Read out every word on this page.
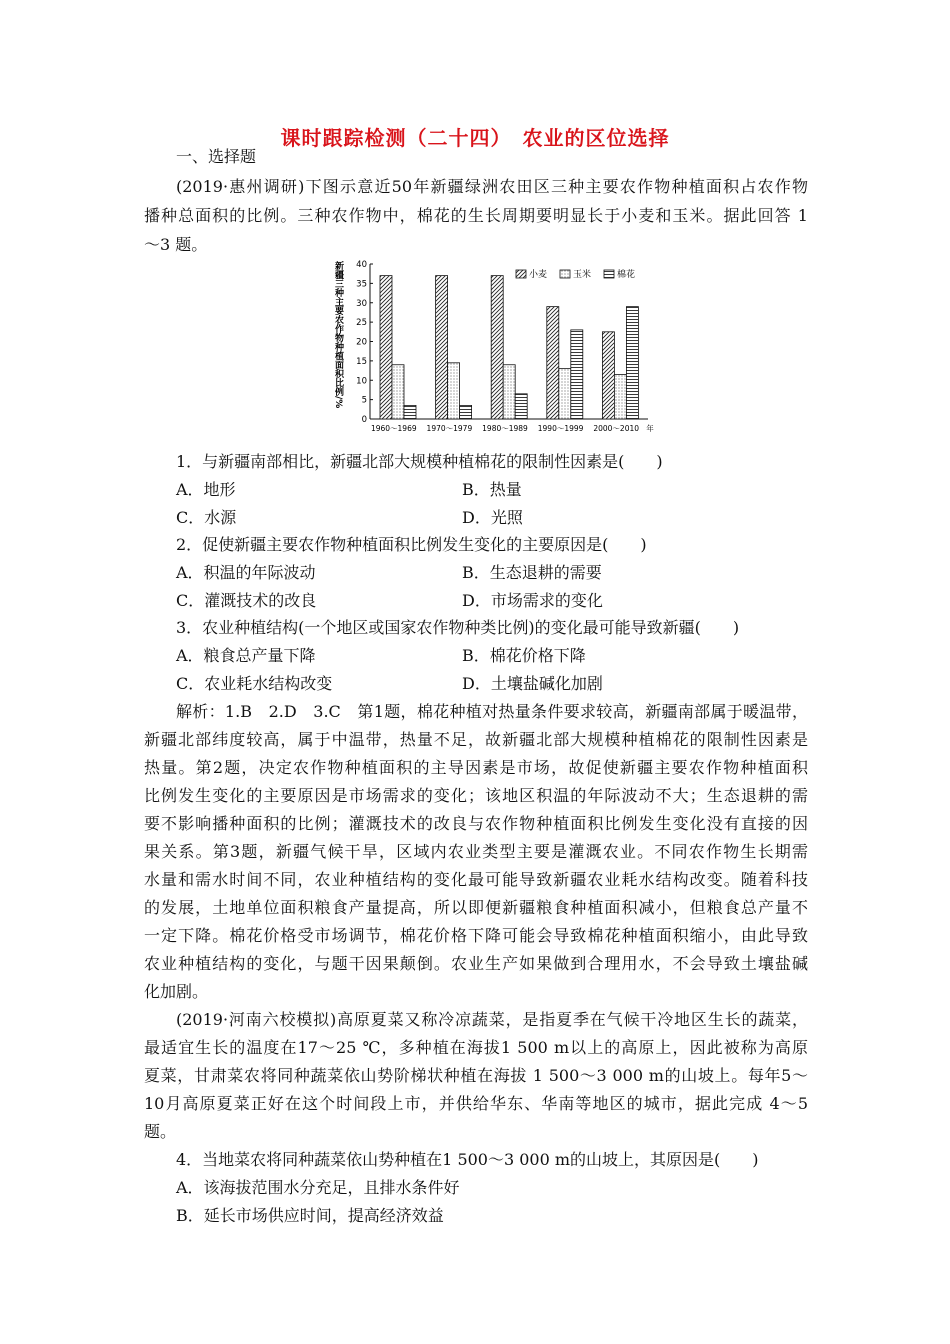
课时跟踪检测（二十四）　农业的区位选择
一、选择题
(2019·惠州调研)下图示意近50年新疆绿洲农田区三种主要农作物种植面积占农作物
播种总面积的比例。三种农作物中，棉花的生长周期要明显长于小麦和玉米。据此回答 1
～3 题。
新疆三种主要农作物种植面积比例/%
0
5
10
15
20
25
30
35
40
1960～1969 1970～1979 1980～1989 1990～1999 2000～2010 年
小麦	玉米	棉花
1．与新疆南部相比，新疆北部大规模种植棉花的限制性因素是(　　)
A．地形	B．热量
C．水源	D．光照
2．促使新疆主要农作物种植面积比例发生变化的主要原因是(　　)
A．积温的年际波动	B．生态退耕的需要
C．灌溉技术的改良	D．市场需求的变化
3．农业种植结构(一个地区或国家农作物种类比例)的变化最可能导致新疆(　　)
A．粮食总产量下降	B．棉花价格下降
C．农业耗水结构改变	D．土壤盐碱化加剧
解析：1.B　2.D　3.C　第1题，棉花种植对热量条件要求较高，新疆南部属于暖温带，
新疆北部纬度较高，属于中温带，热量不足，故新疆北部大规模种植棉花的限制性因素是
热量。第2题，决定农作物种植面积的主导因素是市场，故促使新疆主要农作物种植面积
比例发生变化的主要原因是市场需求的变化；该地区积温的年际波动不大；生态退耕的需
要不影响播种面积的比例；灌溉技术的改良与农作物种植面积比例发生变化没有直接的因
果关系。第3题，新疆气候干旱，区域内农业类型主要是灌溉农业。不同农作物生长期需
水量和需水时间不同，农业种植结构的变化最可能导致新疆农业耗水结构改变。随着科技
的发展，土地单位面积粮食产量提高，所以即便新疆粮食种植面积减小，但粮食总产量不
一定下降。棉花价格受市场调节，棉花价格下降可能会导致棉花种植面积缩小，由此导致
农业种植结构的变化，与题干因果颠倒。农业生产如果做到合理用水，不会导致土壤盐碱
化加剧。
(2019·河南六校模拟)高原夏菜又称冷凉蔬菜，是指夏季在气候干冷地区生长的蔬菜，
最适宜生长的温度在17～25 ℃，多种植在海拔1 500 m以上的高原上，因此被称为高原
夏菜，甘肃菜农将同种蔬菜依山势阶梯状种植在海拔 1 500～3 000 m的山坡上。每年5～
10月高原夏菜正好在这个时间段上市，并供给华东、华南等地区的城市，据此完成 4～5
题。
4．当地菜农将同种蔬菜依山势种植在1 500～3 000 m的山坡上，其原因是(　　)
A．该海拔范围水分充足，且排水条件好
B．延长市场供应时间，提高经济效益
